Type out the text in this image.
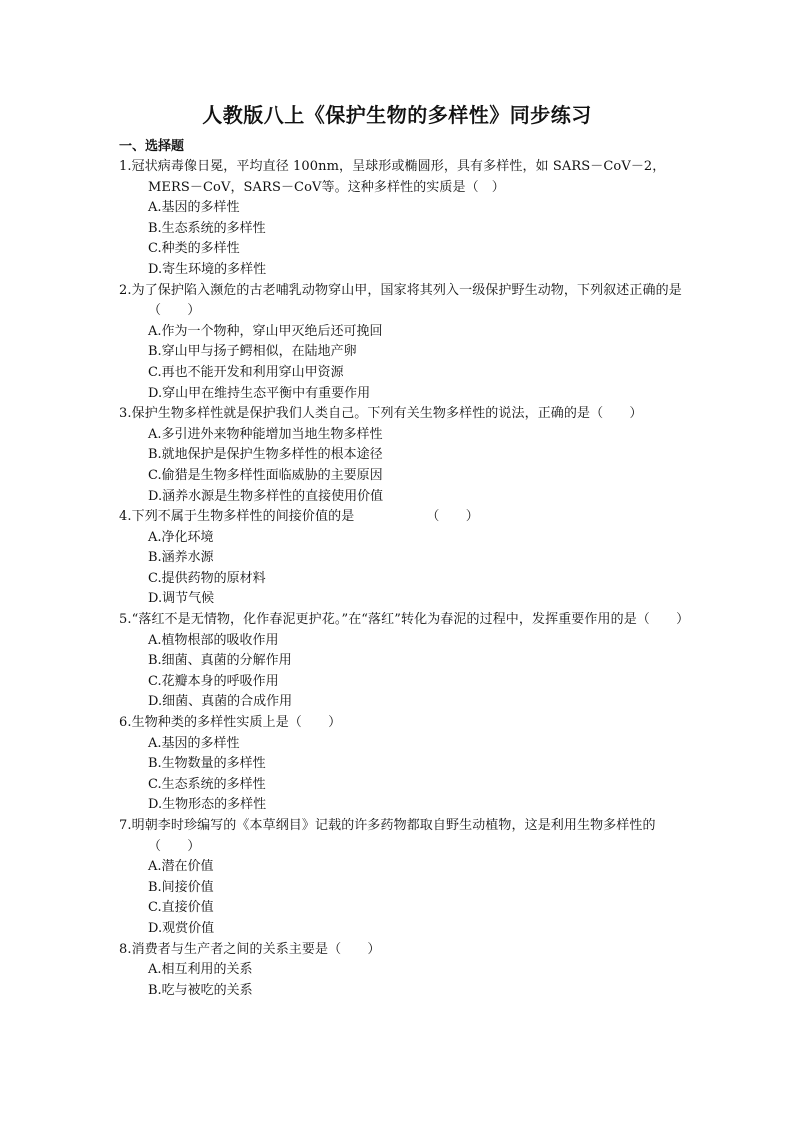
人教版八上《保护生物的多样性》同步练习

一、选择题

1.冠状病毒像日冕，平均直径 100nm，呈球形或椭圆形，具有多样性，如 SARS－CoV－2，MERS－CoV，SARS－CoV等。这种多样性的实质是（　）

A.基因的多样性
B.生态系统的多样性
C.种类的多样性
D.寄生环境的多样性

2.为了保护陷入濒危的古老哺乳动物穿山甲，国家将其列入一级保护野生动物，下列叙述正确的是（　　）

A.作为一个物种，穿山甲灭绝后还可挽回
B.穿山甲与扬子鳄相似，在陆地产卵
C.再也不能开发和利用穿山甲资源
D.穿山甲在维持生态平衡中有重要作用

3.保护生物多样性就是保护我们人类自己。下列有关生物多样性的说法，正确的是（　　）

A.多引进外来物种能增加当地生物多样性
B.就地保护是保护生物多样性的根本途径
C.偷猎是生物多样性面临威胁的主要原因
D.涵养水源是生物多样性的直接使用价值

4.下列不属于生物多样性的间接价值的是　　　　　　（　　）

A.净化环境
B.涵养水源
C.提供药物的原材料
D.调节气候

5.“落红不是无情物，化作春泥更护花。”在“落红”转化为春泥的过程中，发挥重要作用的是（　　）

A.植物根部的吸收作用
B.细菌、真菌的分解作用
C.花瓣本身的呼吸作用
D.细菌、真菌的合成作用

6.生物种类的多样性实质上是（　　）

A.基因的多样性
B.生物数量的多样性
C.生态系统的多样性
D.生物形态的多样性

7.明朝李时珍编写的《本草纲目》记载的许多药物都取自野生动植物，这是利用生物多样性的（　　）

A.潜在价值
B.间接价值
C.直接价值
D.观赏价值

8.消费者与生产者之间的关系主要是（　　）

A.相互利用的关系
B.吃与被吃的关系
